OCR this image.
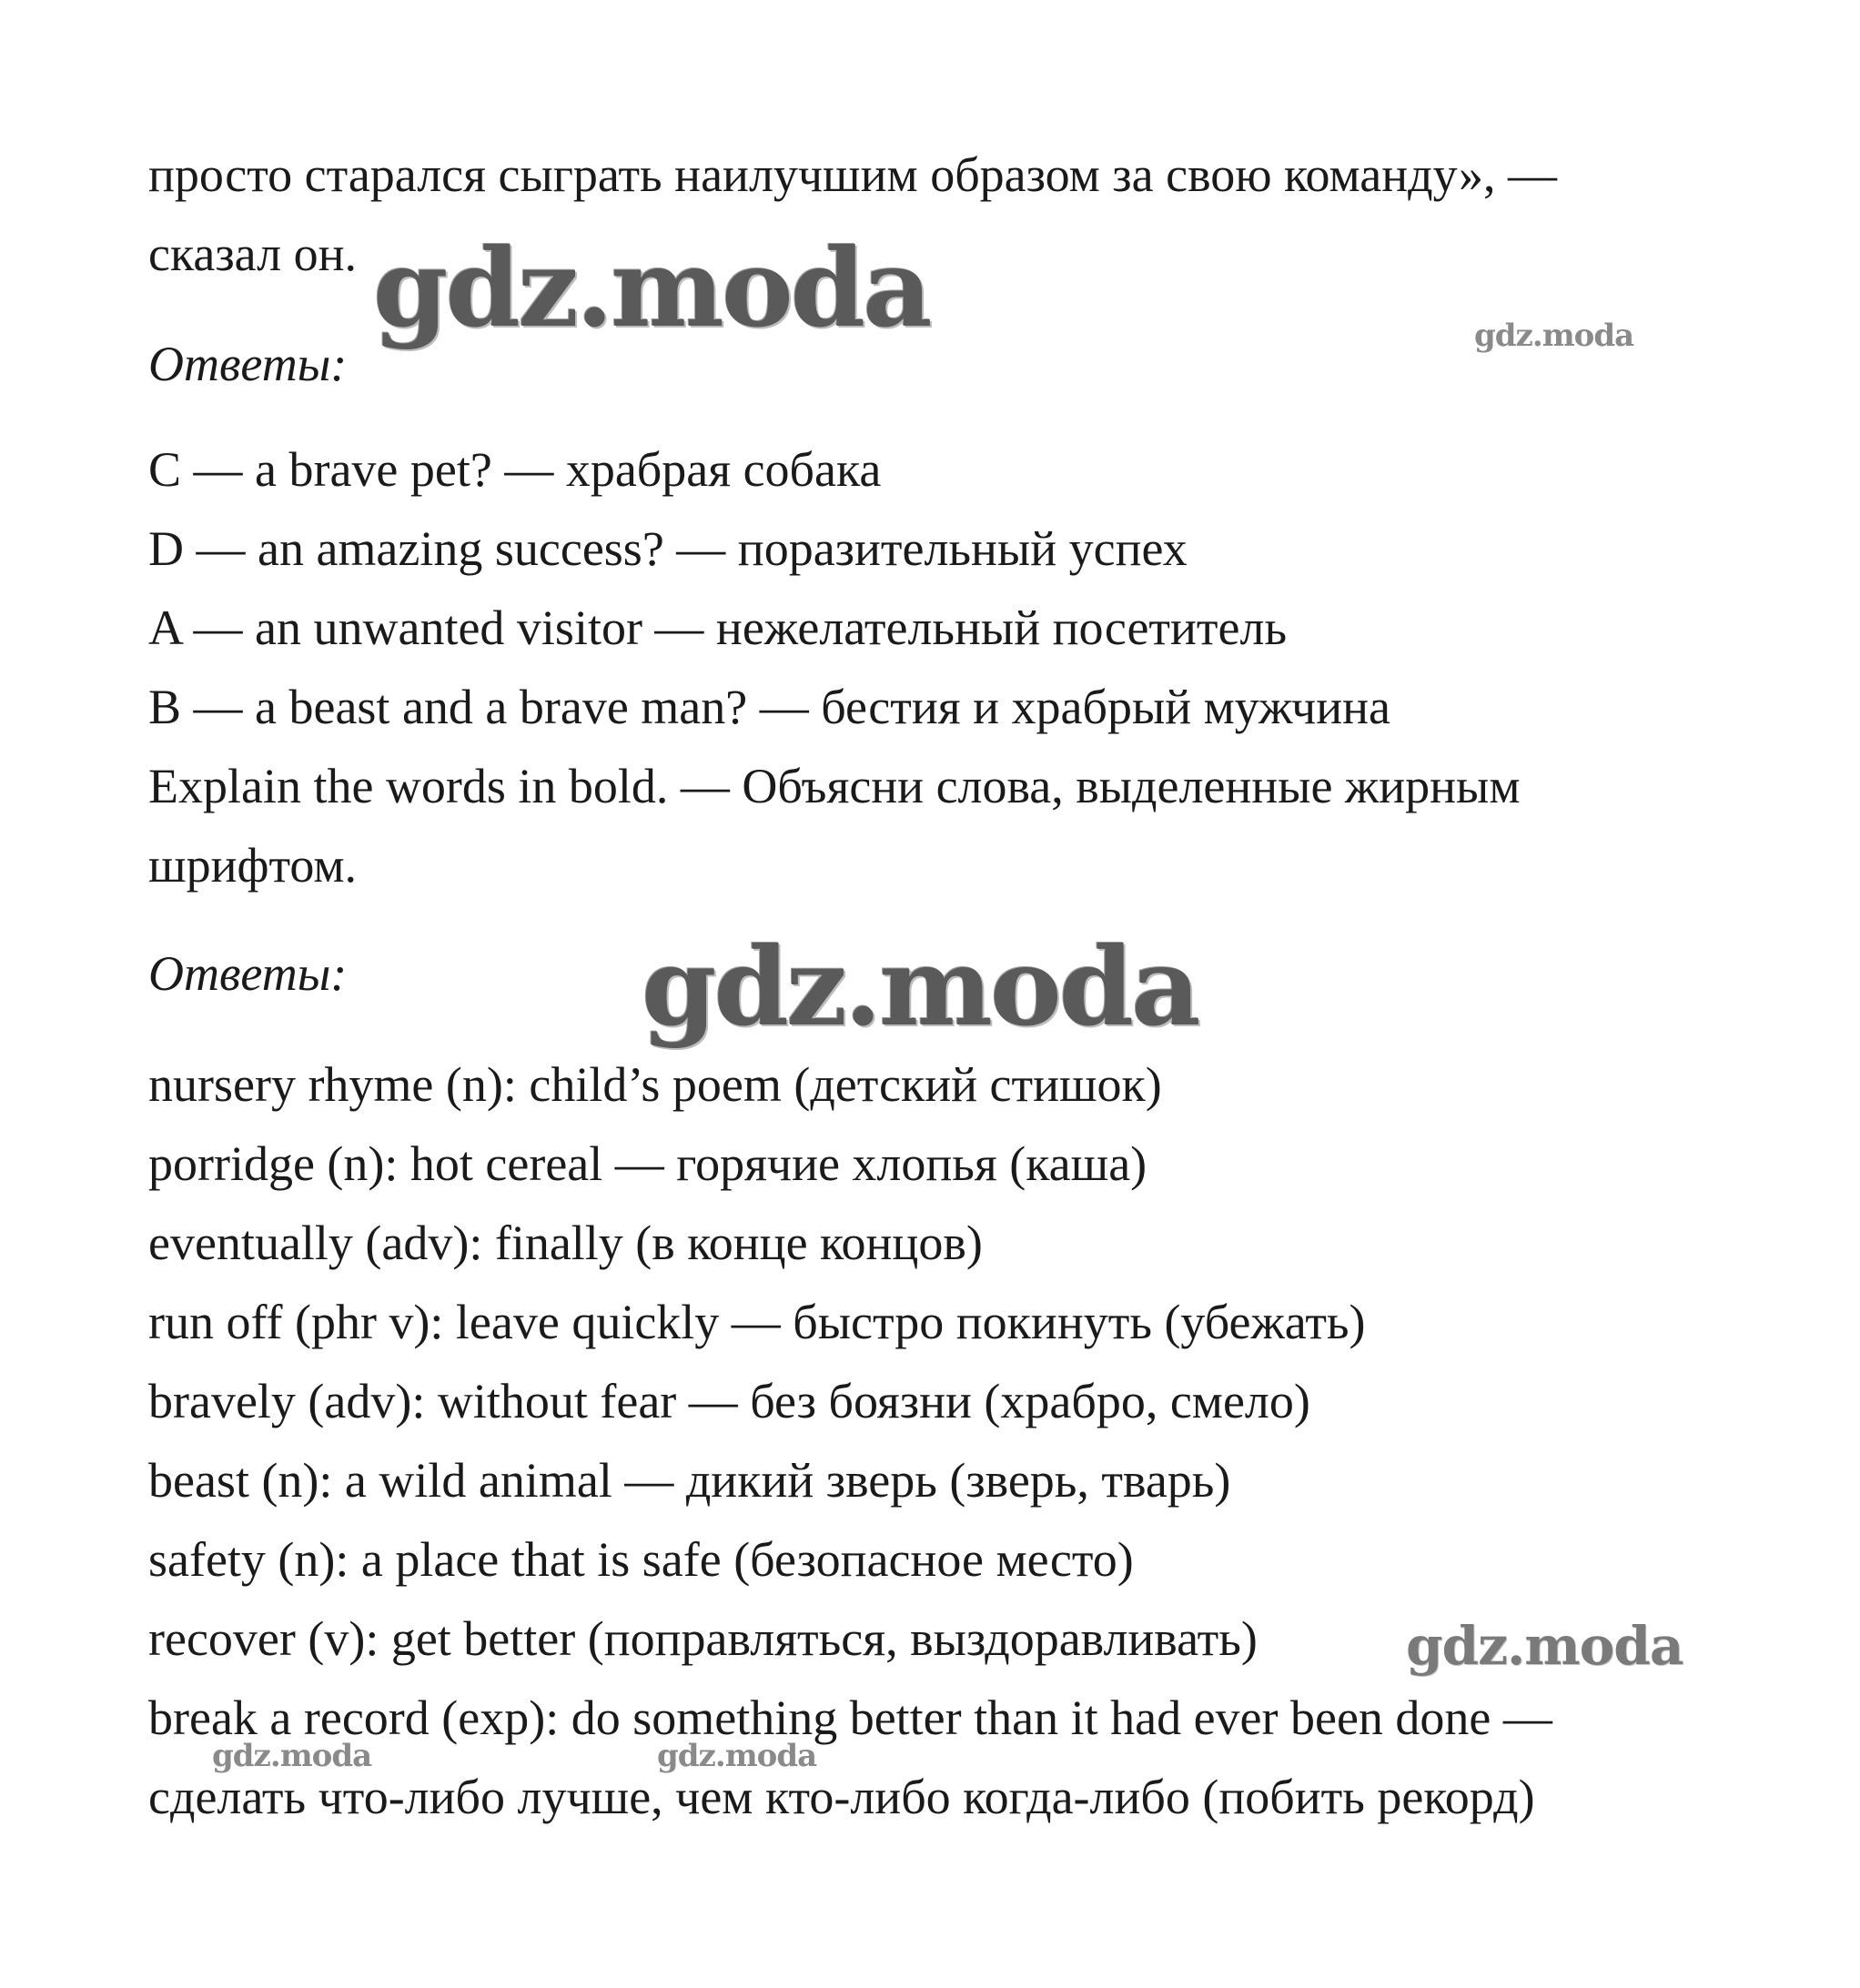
просто старался сыграть наилучшим образом за свою команду», —
сказал он.
Ответы:
C — a brave pet? — храбрая собака
D — an amazing success? — поразительный успех
A — an unwanted visitor — нежелательный посетитель
B — a beast and a brave man? — бестия и храбрый мужчина
Explain the words in bold. — Объясни слова, выделенные жирным
шрифтом.
Ответы:
nursery rhyme (n): child’s poem (детский стишок)
porridge (n): hot cereal — горячие хлопья (каша)
eventually (adv): finally (в конце концов)
run off (phr v): leave quickly — быстро покинуть (убежать)
bravely (adv): without fear — без боязни (храбро, смело)
beast (n): a wild animal — дикий зверь (зверь, тварь)
safety (n): a place that is safe (безопасное место)
recover (v): get better (поправляться, выздоравливать)
break a record (exp): do something better than it had ever been done —
сделать что-либо лучше, чем кто-либо когда-либо (побить рекорд)
gdz.moda	gdz.moda
gdz.moda
gdz.moda
gdz.moda	gdz.moda
